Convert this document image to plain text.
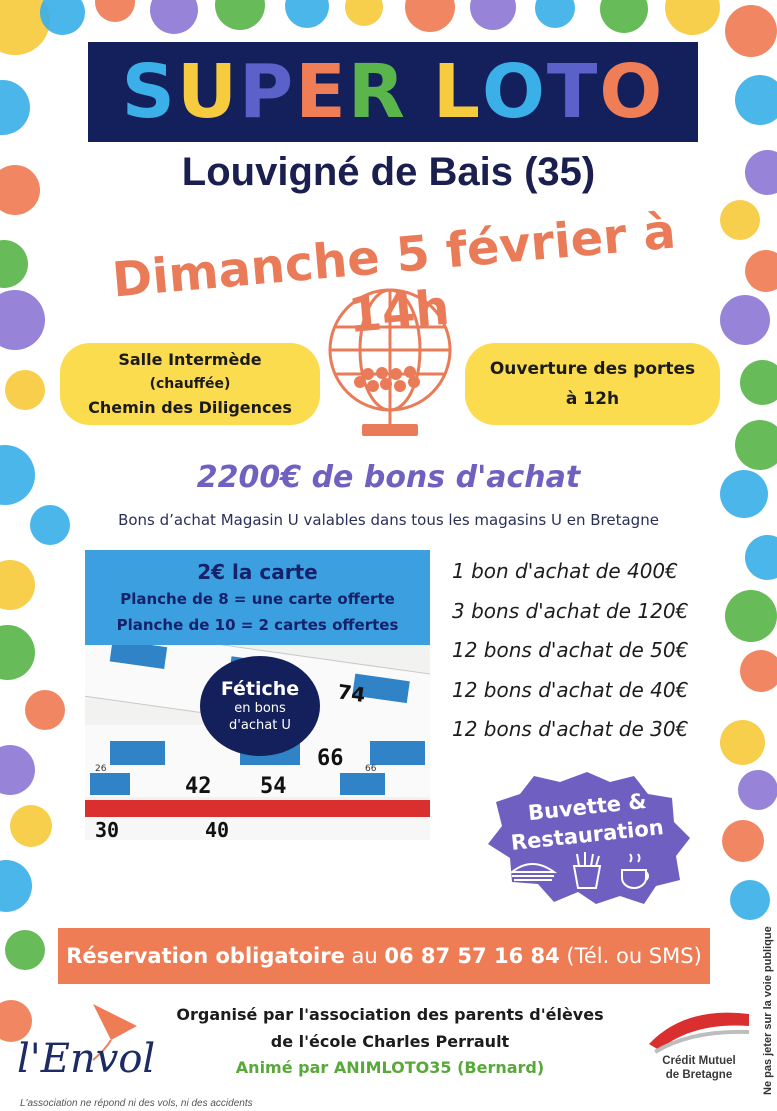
S U P E R L O T O
Louvigné de Bais (35)
Dimanche 5 février à 14h
Salle Intermède
(chauffée)
Chemin des Diligences
Ouverture des portes
à 12h
2200€ de bons d'achat
Bons d’achat Magasin U valables dans tous les magasins U en Bretagne
2€ la carte
Planche de 8 = une carte offerte
Planche de 10 = 2 cartes offertes
74
66
42 54
30	40
26	66
Fétiche
en bons
d'achat U
1 bon d'achat de 400€
3 bons d'achat de 120€
12 bons d'achat de 50€
12 bons d'achat de 40€
12 bons d'achat de 30€
Buvette &
Restauration
Réservation obligatoire au 06 87 57 16 84 (Tél. ou SMS)
Organisé par l'association des parents d'élèves
de l'école Charles Perrault
Animé par ANIMLOTO35 (Bernard)
l'Envol	Crédit Mutuel
de Bretagne	Ne pas jeter sur la voie publique
L'association ne répond ni des vols, ni des accidents
